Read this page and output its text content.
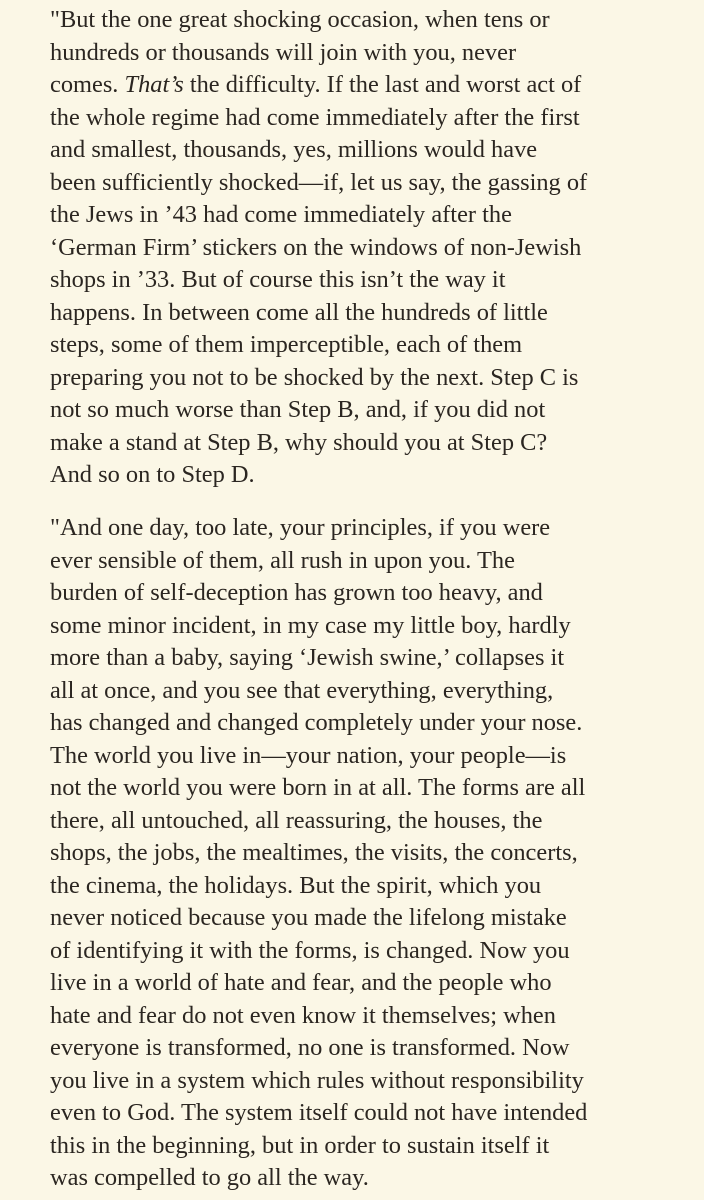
"But the one great shocking occasion, when tens or
hundreds or thousands will join with you, never
comes. That’s the difficulty. If the last and worst act of
the whole regime had come immediately after the first
and smallest, thousands, yes, millions would have
been sufficiently shocked—if, let us say, the gassing of
the Jews in ’43 had come immediately after the
‘German Firm’ stickers on the windows of non-Jewish
shops in ’33. But of course this isn’t the way it
happens. In between come all the hundreds of little
steps, some of them imperceptible, each of them
preparing you not to be shocked by the next. Step C is
not so much worse than Step B, and, if you did not
make a stand at Step B, why should you at Step C?
And so on to Step D.
"And one day, too late, your principles, if you were
ever sensible of them, all rush in upon you. The
burden of self-deception has grown too heavy, and
some minor incident, in my case my little boy, hardly
more than a baby, saying ‘Jewish swine,’ collapses it
all at once, and you see that everything, everything,
has changed and changed completely under your nose.
The world you live in—your nation, your people—is
not the world you were born in at all. The forms are all
there, all untouched, all reassuring, the houses, the
shops, the jobs, the mealtimes, the visits, the concerts,
the cinema, the holidays. But the spirit, which you
never noticed because you made the lifelong mistake
of identifying it with the forms, is changed. Now you
live in a world of hate and fear, and the people who
hate and fear do not even know it themselves; when
everyone is transformed, no one is transformed. Now
you live in a system which rules without responsibility
even to God. The system itself could not have intended
this in the beginning, but in order to sustain itself it
was compelled to go all the way.
